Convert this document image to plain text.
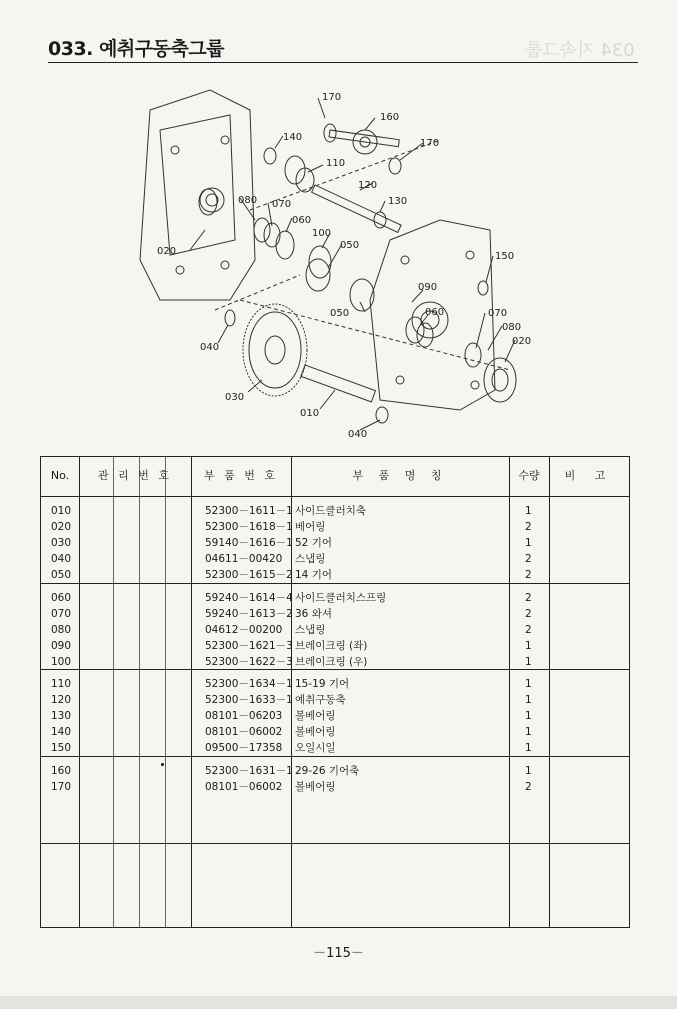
033. 예취구동축그룹	034 지속그룹
170
160
140
110
120
170
130
080 070
060
100
050
020	150
090
050	060	070
080
020
040
030
010
040
No.	관 리 번 호	부 품 번 호	부 품 명 칭	수량	비 고
010	52300－1611－1 사이드클러치축	1
020	52300－1618－1 베어링	2
030	59140－1616－1 52 기어	1
040	04611－00420 스냅링	2
050	52300－1615－2 14 기어	2
060	59240－1614－4 사이드클러치스프링	2
070	59240－1613－2 36 와셔	2
080	04612－00200 스냅링	2
090	52300－1621－3 브레이크링 (좌)	1
100	52300－1622－3 브레이크링 (우)	1
110	52300－1634－1 15-19 기어	1
120	52300－1633－1 예취구동축	1
130	08101－06203 볼베어링	1
140	08101－06002 볼베어링	1
150	09500－17358 오일시일	1
160	52300－1631－1 29-26 기어축	1
170	08101－06002 볼베어링	2
－115－
